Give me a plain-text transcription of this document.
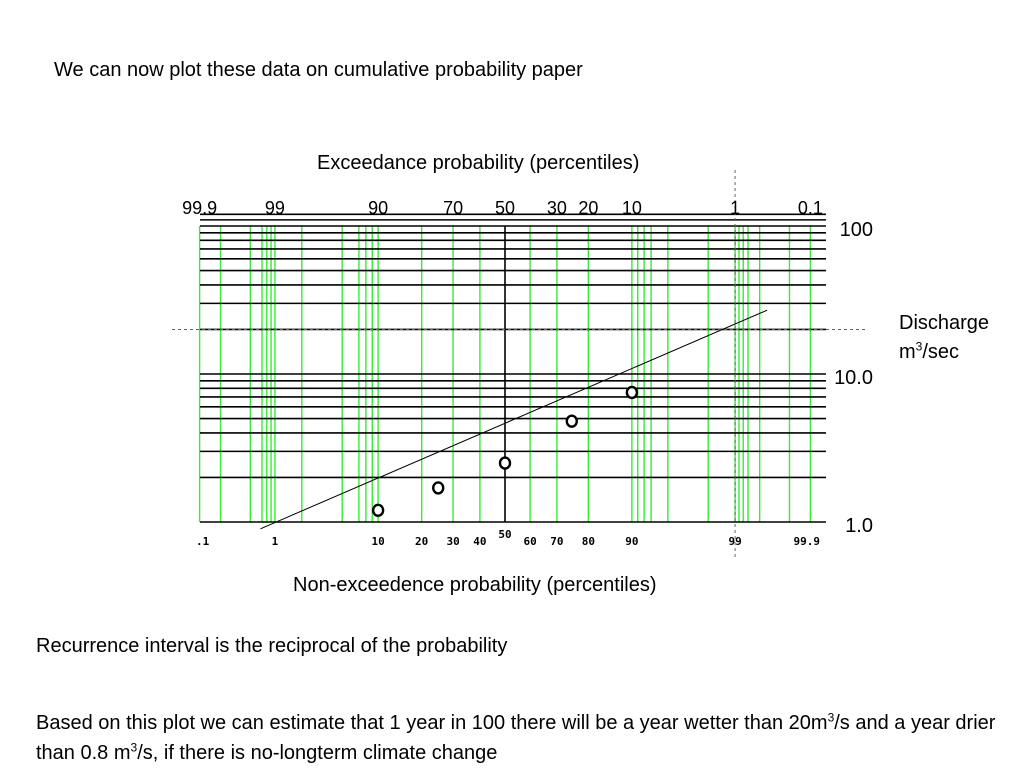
We can now plot these data on cumulative probability paper
Exceedance probability (percentiles)
Non-exceedence probability (percentiles)
Discharge
$m^3/\sec$
Recurrence interval is the reciprocal of the probability
Based on this plot we can estimate that 1 year in 100 there will be a year wetter than $20m^3/s$ and a year drier than 0.8 $m^3/s$, if there is no-longterm climate change
99.9	99	90	70 50 30 20 10	1	0.1
.1	1	10	20 30 40
50
60 70 80	90	99	99.9
100
10.0
1.0
